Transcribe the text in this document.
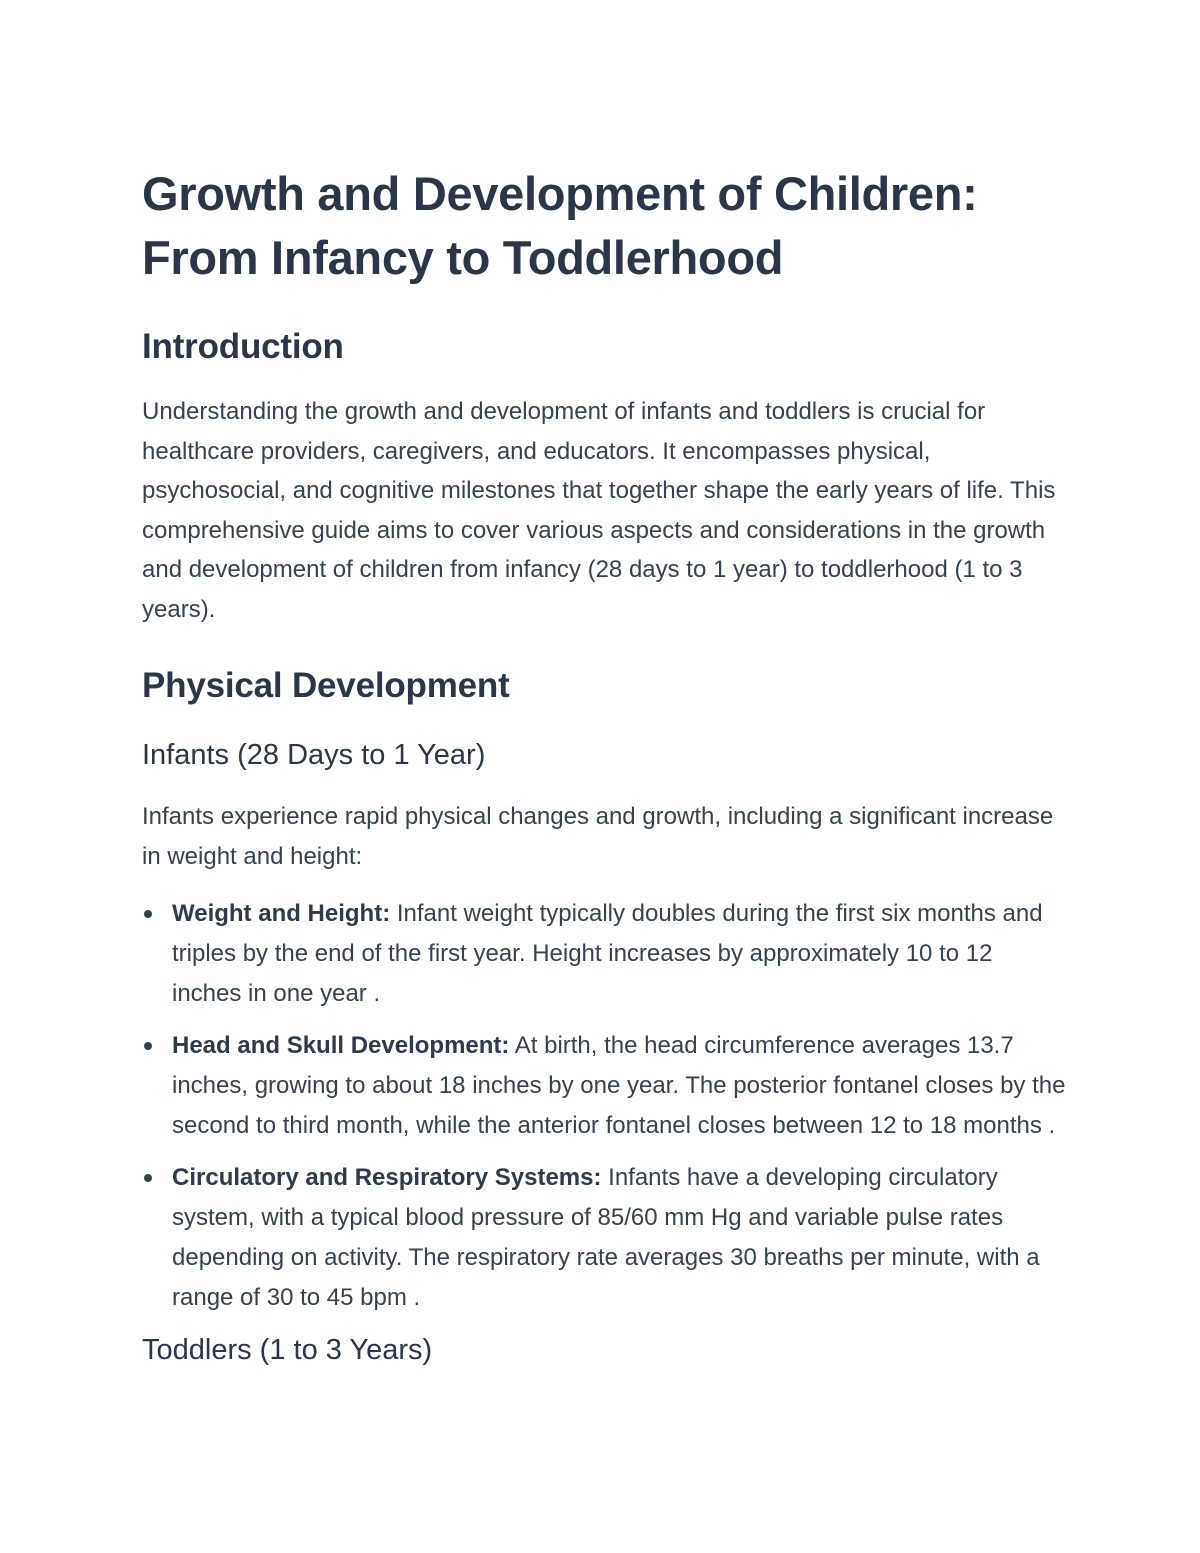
Growth and Development of Children:
From Infancy to Toddlerhood
Introduction

Understanding the growth and development of infants and toddlers is crucial for healthcare providers, caregivers, and educators. It encompasses physical, psychosocial, and cognitive milestones that together shape the early years of life. This comprehensive guide aims to cover various aspects and considerations in the growth and development of children from infancy (28 days to 1 year) to toddlerhood (1 to 3 years).

Physical Development
Infants (28 Days to 1 Year)

Infants experience rapid physical changes and growth, including a significant increase in weight and height:

Weight and Height: Infant weight typically doubles during the first six months and triples by the end of the first year. Height increases by approximately 10 to 12 inches in one year .
Head and Skull Development: At birth, the head circumference averages 13.7 inches, growing to about 18 inches by one year. The posterior fontanel closes by the second to third month, while the anterior fontanel closes between 12 to 18 months .
Circulatory and Respiratory Systems: Infants have a developing circulatory system, with a typical blood pressure of 85/60 mm Hg and variable pulse rates depending on activity. The respiratory rate averages 30 breaths per minute, with a range of 30 to 45 bpm .
Toddlers (1 to 3 Years)
